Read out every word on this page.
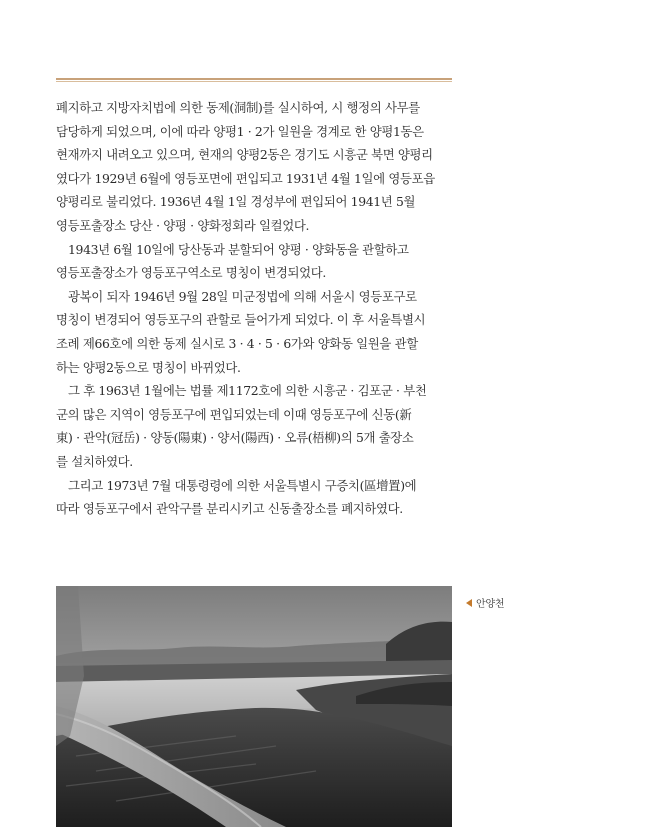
폐지하고 지방자치법에 의한 동제(洞制)를 실시하여, 시 행정의 사무를
담당하게 되었으며, 이에 따라 양평1 · 2가 일원을 경계로 한 양평1동은
현재까지 내려오고 있으며, 현재의 양평2동은 경기도 시흥군 북면 양평리
였다가 1929년 6월에 영등포면에 편입되고 1931년 4월 1일에 영등포읍
양평리로 불리었다. 1936년 4월 1일 경성부에 편입되어 1941년 5월
영등포출장소 당산 · 양평 · 양화정회라 일컬었다.
1943년 6월 10일에 당산동과 분할되어 양평 · 양화동을 관할하고
영등포출장소가 영등포구역소로 명칭이 변경되었다.
광복이 되자 1946년 9월 28일 미군정법에 의해 서울시 영등포구로
명칭이 변경되어 영등포구의 관할로 들어가게 되었다. 이 후 서울특별시
조례 제66호에 의한 동제 실시로 3 · 4 · 5 · 6가와 양화동 일원을 관할
하는 양평2동으로 명칭이 바뀌었다.
그 후 1963년 1월에는 법률 제1172호에 의한 시흥군 · 김포군 · 부천
군의 많은 지역이 영등포구에 편입되었는데 이때 영등포구에 신동(新
東) · 관악(冠岳) · 양동(陽東) · 양서(陽西) · 오류(梧柳)의 5개 출장소
를 설치하였다.
그리고 1973년 7월 대통령령에 의한 서울특별시 구증치(區增置)에
따라 영등포구에서 관악구를 분리시키고 신동출장소를 폐지하였다.
안양천
